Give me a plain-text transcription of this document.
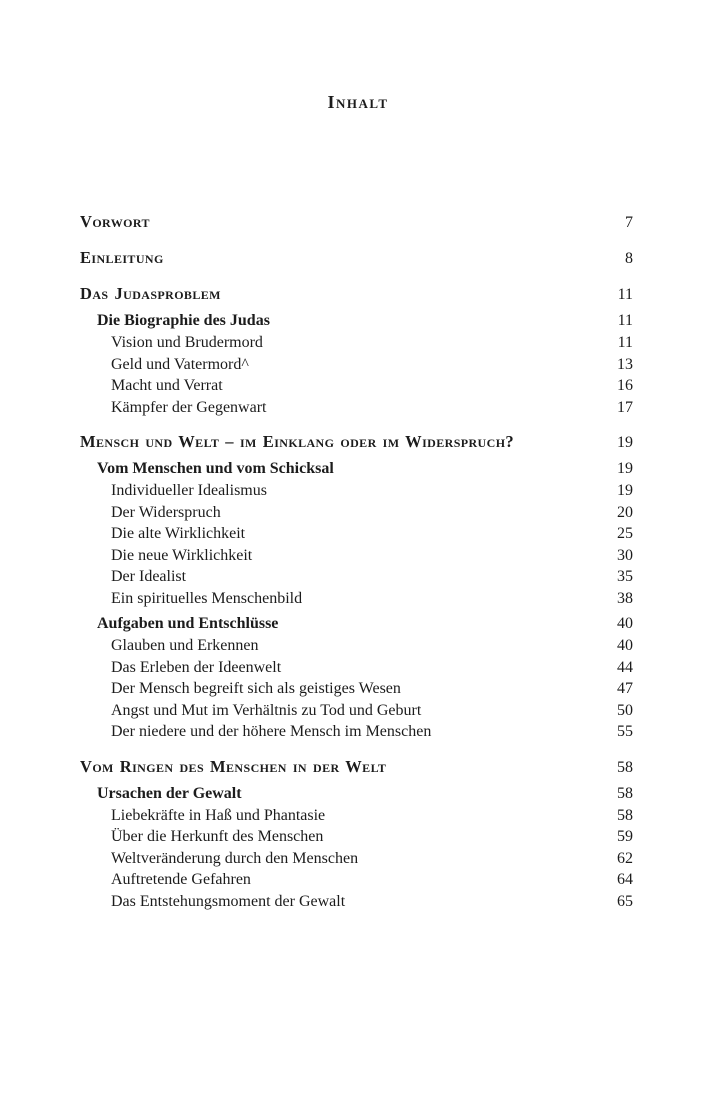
Inhalt
Vorwort	7
Einleitung	8
Das Judasproblem	11
Die Biographie des Judas	11
Vision und Brudermord	11
Geld und Vatermord^	13
Macht und Verrat	16
Kämpfer der Gegenwart	17
Mensch und Welt – im Einklang oder im Widerspruch?	19
Vom Menschen und vom Schicksal	19
Individueller Idealismus	19
Der Widerspruch	20
Die alte Wirklichkeit	25
Die neue Wirklichkeit	30
Der Idealist	35
Ein spirituelles Menschenbild	38
Aufgaben und Entschlüsse	40
Glauben und Erkennen	40
Das Erleben der Ideenwelt	44
Der Mensch begreift sich als geistiges Wesen	47
Angst und Mut im Verhältnis zu Tod und Geburt	50
Der niedere und der höhere Mensch im Menschen	55
Vom Ringen des Menschen in der Welt	58
Ursachen der Gewalt	58
Liebekräfte in Haß und Phantasie	58
Über die Herkunft des Menschen	59
Weltveränderung durch den Menschen	62
Auftretende Gefahren	64
Das Entstehungsmoment der Gewalt	65
